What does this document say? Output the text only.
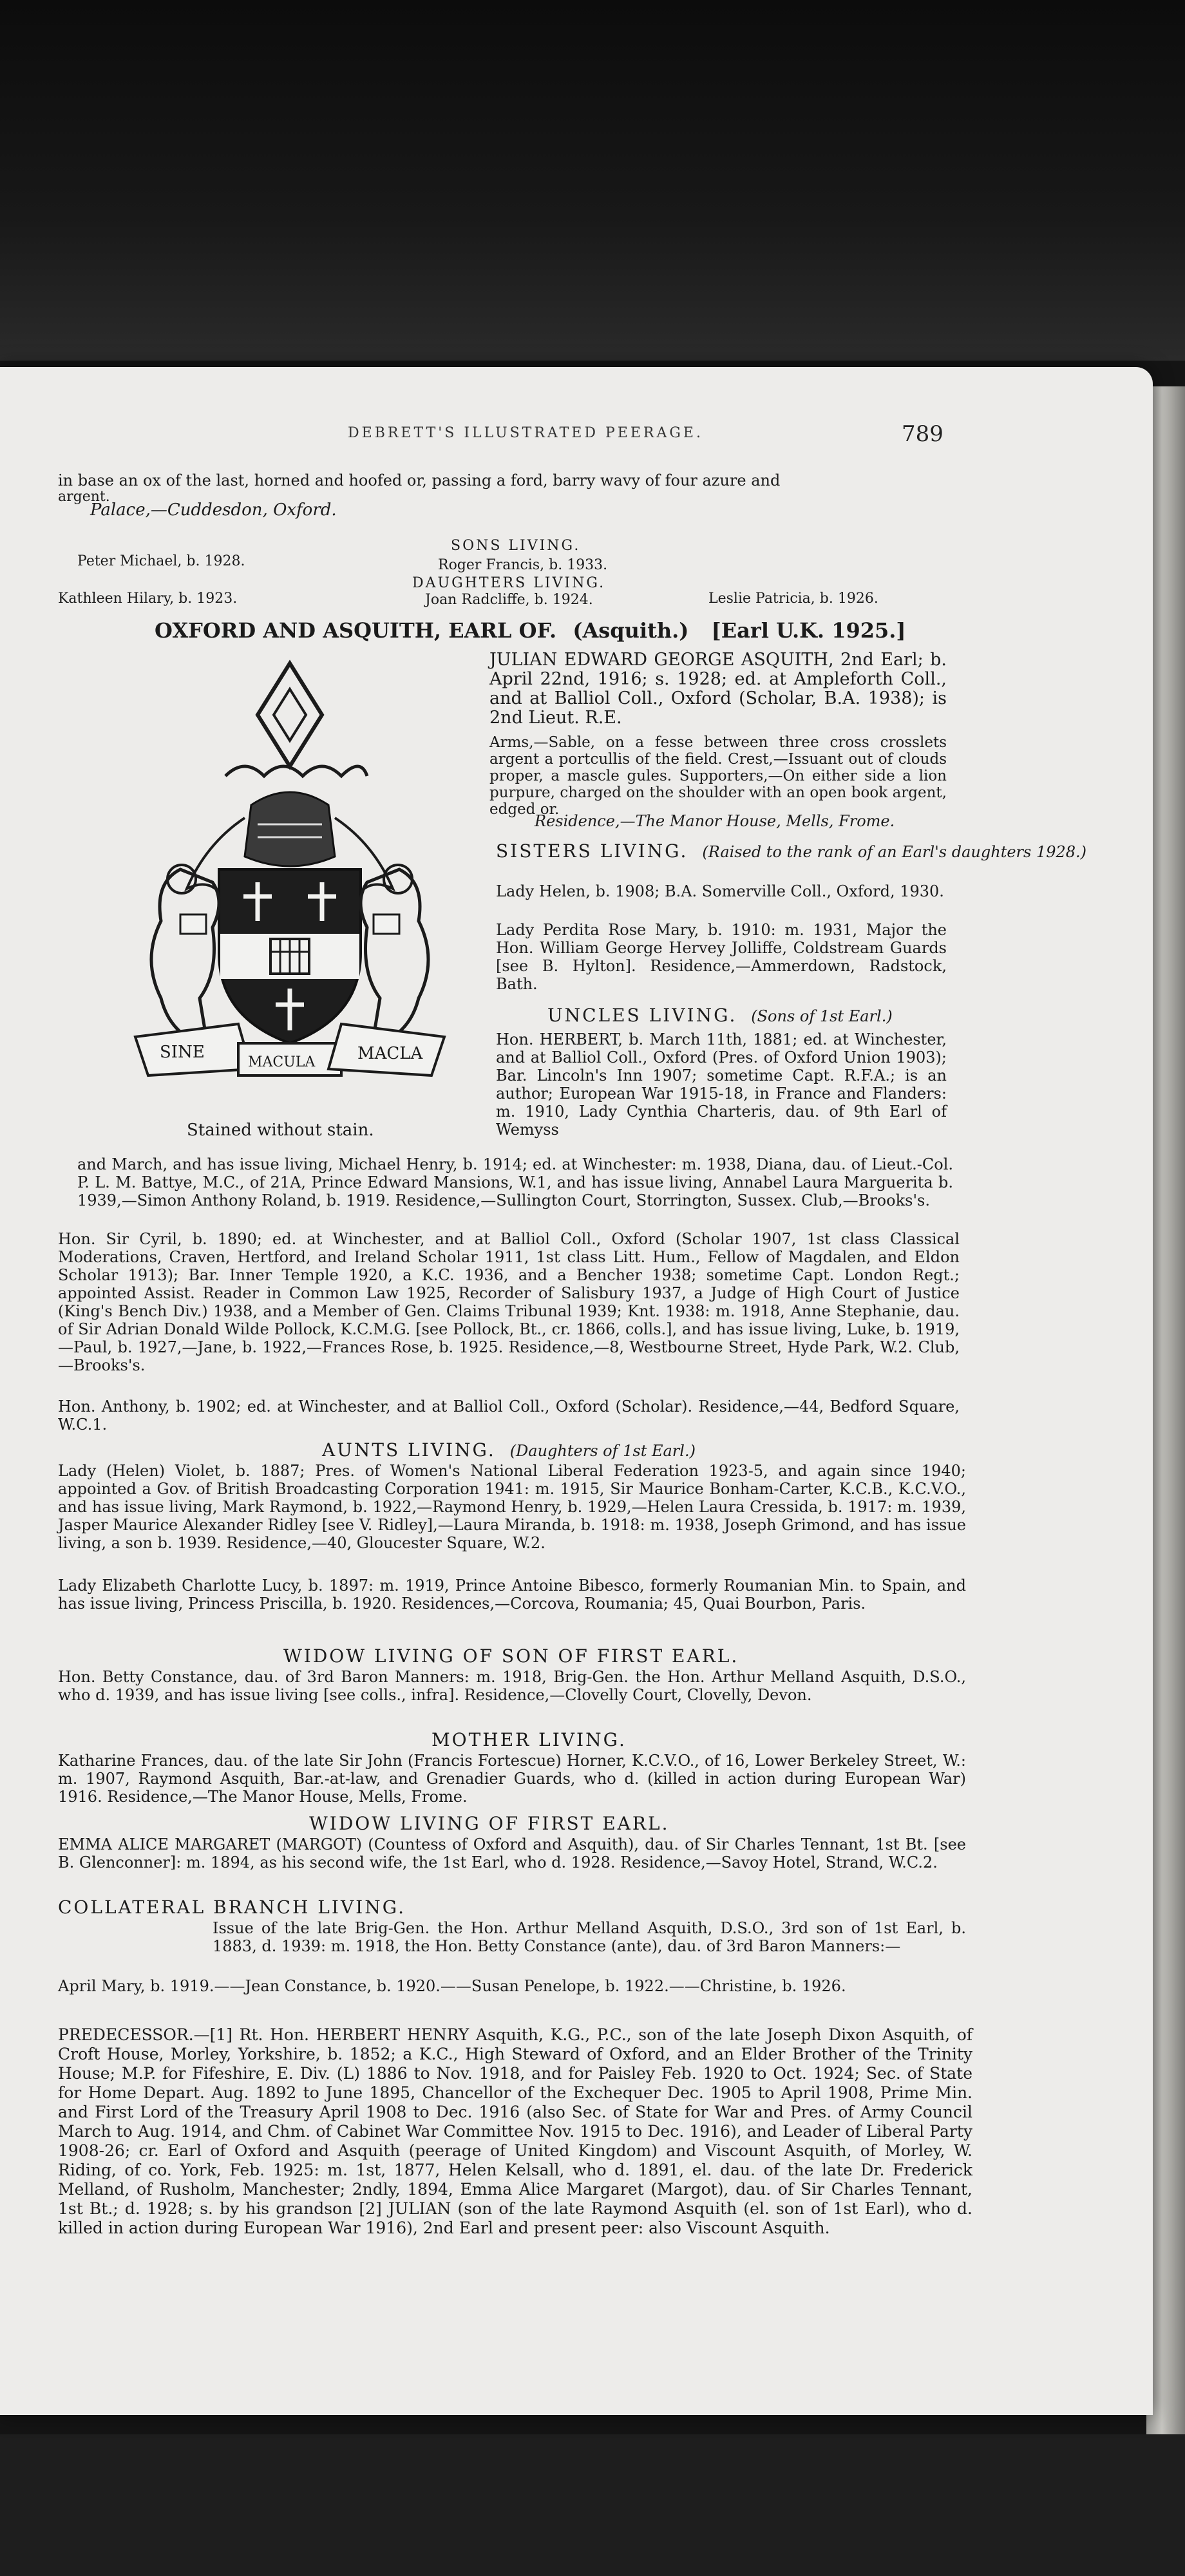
DEBRETT'S ILLUSTRATED PEERAGE.	789
in base an ox of the last, horned and hoofed or, passing a ford, barry wavy of four azure and
argent.
Palace,—Cuddesdon, Oxford.
SONS LIVING.
Peter Michael, b. 1928.	Roger Francis, b. 1933.
DAUGHTERS LIVING.
Kathleen Hilary, b. 1923.	Joan Radcliffe, b. 1924.	Leslie Patricia, b. 1926.
OXFORD AND ASQUITH, EARL OF. (Asquith.) [Earl U.K. 1925.]
SINE
MACULA	MACLA
Stained without stain.
JULIAN EDWARD GEORGE ASQUITH, 2nd Earl; b. April 22nd, 1916; s. 1928; ed. at Ampleforth Coll., and at Balliol Coll., Oxford (Scholar, B.A. 1938); is 2nd Lieut. R.E.
Arms,—Sable, on a fesse between three cross crosslets argent a portcullis of the field. Crest,—Issuant out of clouds proper, a mascle gules. Supporters,—On either side a lion purpure, charged on the shoulder with an open book argent, edged or.
Residence,—The Manor House, Mells, Frome.
SISTERS LIVING. (Raised to the rank of an Earl's daughters 1928.)
Lady Helen, b. 1908; B.A. Somerville Coll., Oxford, 1930.
Lady Perdita Rose Mary, b. 1910: m. 1931, Major the Hon. William George Hervey Jolliffe, Coldstream Guards [see B. Hylton]. Residence,—Ammerdown, Radstock, Bath.
UNCLES LIVING. (Sons of 1st Earl.)
Hon. HERBERT, b. March 11th, 1881; ed. at Winchester, and at Balliol Coll., Oxford (Pres. of Oxford Union 1903); Bar. Lincoln's Inn 1907; sometime Capt. R.F.A.; is an author; European War 1915-18, in France and Flanders: m. 1910, Lady Cynthia Charteris, dau. of 9th Earl of Wemyss
and March, and has issue living, Michael Henry, b. 1914; ed. at Winchester: m. 1938, Diana, dau. of Lieut.-Col. P. L. M. Battye, M.C., of 21A, Prince Edward Mansions, W.1, and has issue living, Annabel Laura Marguerita b. 1939,—Simon Anthony Roland, b. 1919. Residence,—Sullington Court, Storrington, Sussex. Club,—Brooks's.
Hon. Sir Cyril, b. 1890; ed. at Winchester, and at Balliol Coll., Oxford (Scholar 1907, 1st class Classical Moderations, Craven, Hertford, and Ireland Scholar 1911, 1st class Litt. Hum., Fellow of Magdalen, and Eldon Scholar 1913); Bar. Inner Temple 1920, a K.C. 1936, and a Bencher 1938; sometime Capt. London Regt.; appointed Assist. Reader in Common Law 1925, Recorder of Salisbury 1937, a Judge of High Court of Justice (King's Bench Div.) 1938, and a Member of Gen. Claims Tribunal 1939; Knt. 1938: m. 1918, Anne Stephanie, dau. of Sir Adrian Donald Wilde Pollock, K.C.M.G. [see Pollock, Bt., cr. 1866, colls.], and has issue living, Luke, b. 1919,—Paul, b. 1927,—Jane, b. 1922,—Frances Rose, b. 1925. Residence,—8, Westbourne Street, Hyde Park, W.2. Club,—Brooks's.
Hon. Anthony, b. 1902; ed. at Winchester, and at Balliol Coll., Oxford (Scholar). Residence,—44, Bedford Square, W.C.1.
AUNTS LIVING. (Daughters of 1st Earl.)
Lady (Helen) Violet, b. 1887; Pres. of Women's National Liberal Federation 1923-5, and again since 1940; appointed a Gov. of British Broadcasting Corporation 1941: m. 1915, Sir Maurice Bonham-Carter, K.C.B., K.C.V.O., and has issue living, Mark Raymond, b. 1922,—Raymond Henry, b. 1929,—Helen Laura Cressida, b. 1917: m. 1939, Jasper Maurice Alexander Ridley [see V. Ridley],—Laura Miranda, b. 1918: m. 1938, Joseph Grimond, and has issue living, a son b. 1939. Residence,—40, Gloucester Square, W.2.
Lady Elizabeth Charlotte Lucy, b. 1897: m. 1919, Prince Antoine Bibesco, formerly Roumanian Min. to Spain, and has issue living, Princess Priscilla, b. 1920. Residences,—Corcova, Roumania; 45, Quai Bourbon, Paris.
WIDOW LIVING OF SON OF FIRST EARL.
Hon. Betty Constance, dau. of 3rd Baron Manners: m. 1918, Brig-Gen. the Hon. Arthur Melland Asquith, D.S.O., who d. 1939, and has issue living [see colls., infra]. Residence,—Clovelly Court, Clovelly, Devon.
MOTHER LIVING.
Katharine Frances, dau. of the late Sir John (Francis Fortescue) Horner, K.C.V.O., of 16, Lower Berkeley Street, W.: m. 1907, Raymond Asquith, Bar.-at-law, and Grenadier Guards, who d. (killed in action during European War) 1916. Residence,—The Manor House, Mells, Frome.
WIDOW LIVING OF FIRST EARL.
EMMA ALICE MARGARET (MARGOT) (Countess of Oxford and Asquith), dau. of Sir Charles Tennant, 1st Bt. [see B. Glenconner]: m. 1894, as his second wife, the 1st Earl, who d. 1928. Residence,—Savoy Hotel, Strand, W.C.2.
COLLATERAL BRANCH LIVING.
Issue of the late Brig-Gen. the Hon. Arthur Melland Asquith, D.S.O., 3rd son of 1st Earl, b. 1883, d. 1939: m. 1918, the Hon. Betty Constance (ante), dau. of 3rd Baron Manners:—
April Mary, b. 1919.——Jean Constance, b. 1920.——Susan Penelope, b. 1922.——Christine, b. 1926.
PREDECESSOR.—[1] Rt. Hon. HERBERT HENRY Asquith, K.G., P.C., son of the late Joseph Dixon Asquith, of Croft House, Morley, Yorkshire, b. 1852; a K.C., High Steward of Oxford, and an Elder Brother of the Trinity House; M.P. for Fifeshire, E. Div. (L) 1886 to Nov. 1918, and for Paisley Feb. 1920 to Oct. 1924; Sec. of State for Home Depart. Aug. 1892 to June 1895, Chancellor of the Exchequer Dec. 1905 to April 1908, Prime Min. and First Lord of the Treasury April 1908 to Dec. 1916 (also Sec. of State for War and Pres. of Army Council March to Aug. 1914, and Chm. of Cabinet War Committee Nov. 1915 to Dec. 1916), and Leader of Liberal Party 1908-26; cr. Earl of Oxford and Asquith (peerage of United Kingdom) and Viscount Asquith, of Morley, W. Riding, of co. York, Feb. 1925: m. 1st, 1877, Helen Kelsall, who d. 1891, el. dau. of the late Dr. Frederick Melland, of Rusholm, Manchester; 2ndly, 1894, Emma Alice Margaret (Margot), dau. of Sir Charles Tennant, 1st Bt.; d. 1928; s. by his grandson [2] JULIAN (son of the late Raymond Asquith (el. son of 1st Earl), who d. killed in action during European War 1916), 2nd Earl and present peer: also Viscount Asquith.
